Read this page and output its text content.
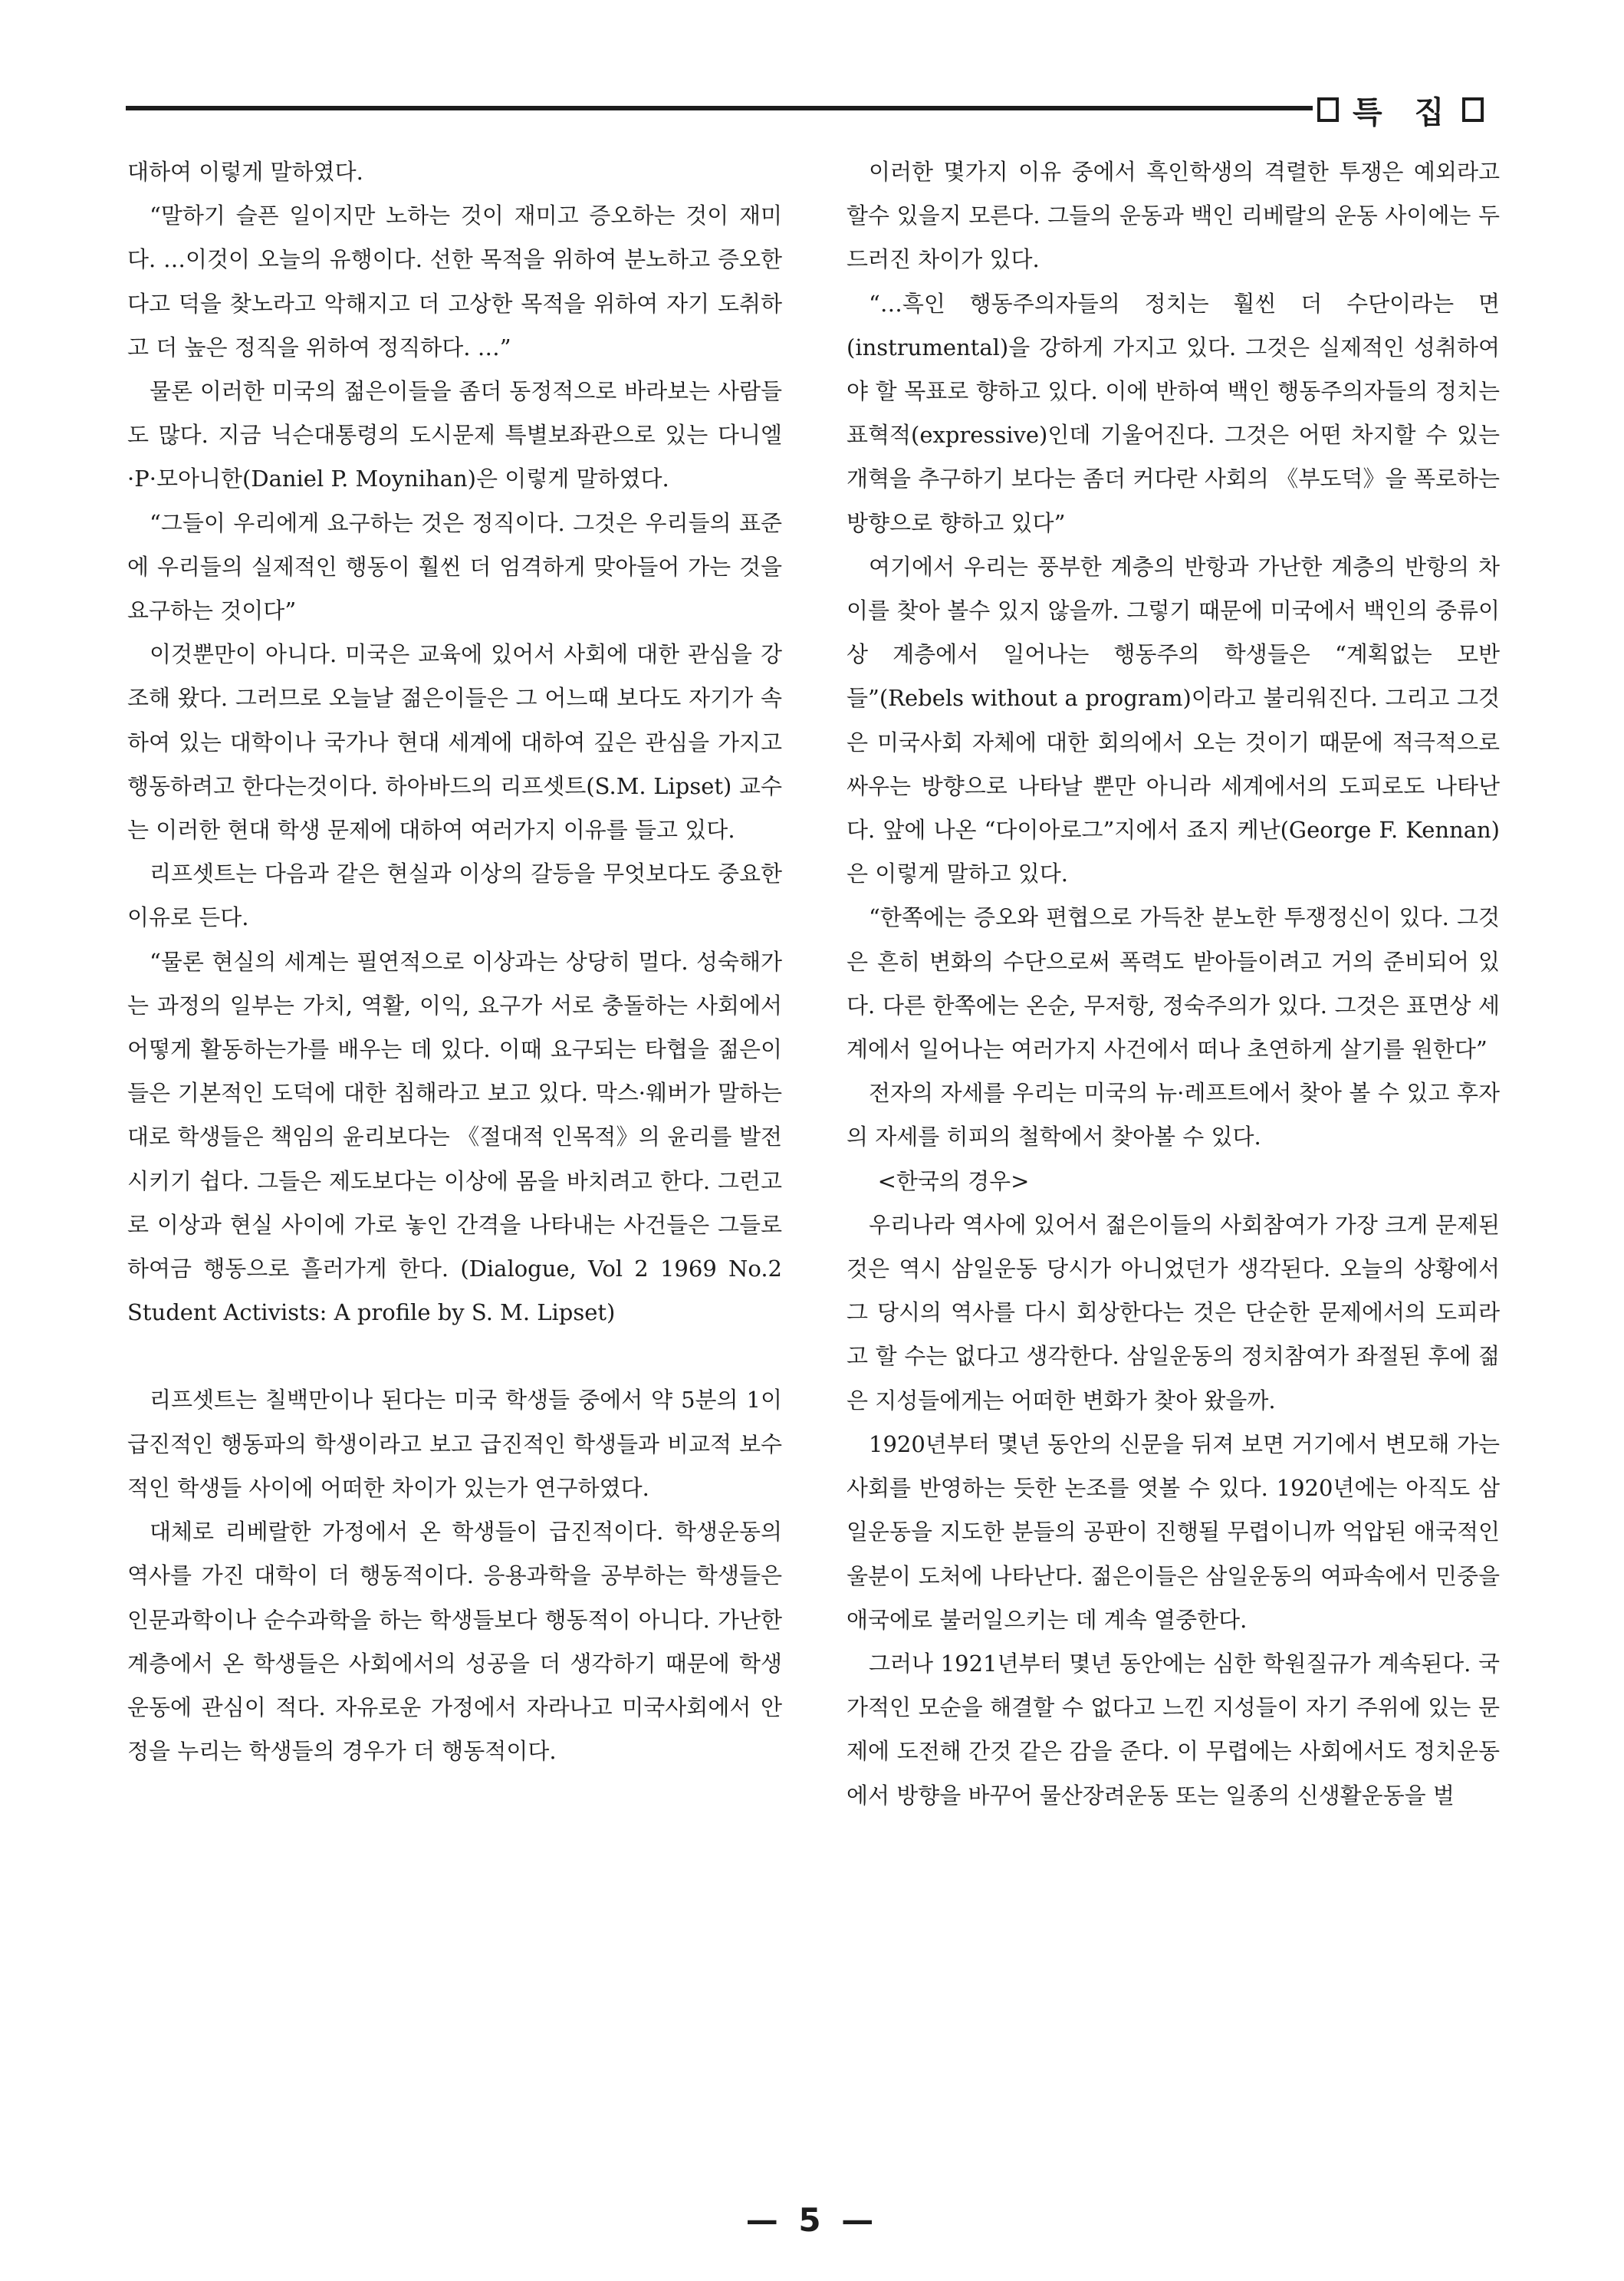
특 집

대하여 이렇게 말하였다.

“말하기 슬픈 일이지만 노하는 것이 재미고 증오하는 것이 재미다. …이것이 오늘의 유행이다. 선한 목적을 위하여 분노하고 증오한다고 덕을 찾노라고 악해지고 더 고상한 목적을 위하여 자기 도취하고 더 높은 정직을 위하여 정직하다. …”

물론 이러한 미국의 젊은이들을 좀더 동정적으로 바라보는 사람들도 많다. 지금 닉슨대통령의 도시문제 특별보좌관으로 있는 다니엘·P·모아니한(Daniel P. Moynihan)은 이렇게 말하였다.

“그들이 우리에게 요구하는 것은 정직이다. 그것은 우리들의 표준에 우리들의 실제적인 행동이 훨씬 더 엄격하게 맞아들어 가는 것을 요구하는 것이다”

이것뿐만이 아니다. 미국은 교육에 있어서 사회에 대한 관심을 강조해 왔다. 그러므로 오늘날 젊은이들은 그 어느때 보다도 자기가 속하여 있는 대학이나 국가나 현대 세계에 대하여 깊은 관심을 가지고 행동하려고 한다는것이다. 하아바드의 리프셋트(S.M. Lipset) 교수는 이러한 현대 학생 문제에 대하여 여러가지 이유를 들고 있다.

리프셋트는 다음과 같은 현실과 이상의 갈등을 무엇보다도 중요한 이유로 든다.

“물론 현실의 세계는 필연적으로 이상과는 상당히 멀다. 성숙해가는 과정의 일부는 가치, 역활, 이익, 요구가 서로 충돌하는 사회에서 어떻게 활동하는가를 배우는 데 있다. 이때 요구되는 타협을 젊은이들은 기본적인 도덕에 대한 침해라고 보고 있다. 막스·웨버가 말하는 대로 학생들은 책임의 윤리보다는 《절대적 인목적》의 윤리를 발전시키기 쉽다. 그들은 제도보다는 이상에 몸을 바치려고 한다. 그런고로 이상과 현실 사이에 가로 놓인 간격을 나타내는 사건들은 그들로 하여금 행동으로 흘러가게 한다. (Dialogue, Vol 2 1969 No.2 Student Activists: A profile by S. M. Lipset)

리프셋트는 칠백만이나 된다는 미국 학생들 중에서 약 5분의 1이 급진적인 행동파의 학생이라고 보고 급진적인 학생들과 비교적 보수적인 학생들 사이에 어떠한 차이가 있는가 연구하였다.

대체로 리베랄한 가정에서 온 학생들이 급진적이다. 학생운동의 역사를 가진 대학이 더 행동적이다. 응용과학을 공부하는 학생들은 인문과학이나 순수과학을 하는 학생들보다 행동적이 아니다. 가난한 계층에서 온 학생들은 사회에서의 성공을 더 생각하기 때문에 학생운동에 관심이 적다. 자유로운 가정에서 자라나고 미국사회에서 안정을 누리는 학생들의 경우가 더 행동적이다.

이러한 몇가지 이유 중에서 흑인학생의 격렬한 투쟁은 예외라고 할수 있을지 모른다. 그들의 운동과 백인 리베랄의 운동 사이에는 두드러진 차이가 있다.

“…흑인 행동주의자들의 정치는 훨씬 더 수단이라는 면(instrumental)을 강하게 가지고 있다. 그것은 실제적인 성취하여야 할 목표로 향하고 있다. 이에 반하여 백인 행동주의자들의 정치는 표혁적(expressive)인데 기울어진다. 그것은 어떤 차지할 수 있는 개혁을 추구하기 보다는 좀더 커다란 사회의 《부도덕》을 폭로하는 방향으로 향하고 있다”

여기에서 우리는 풍부한 계층의 반항과 가난한 계층의 반항의 차이를 찾아 볼수 있지 않을까. 그렇기 때문에 미국에서 백인의 중류이상 계층에서 일어나는 행동주의 학생들은 “계획없는 모반들”(Rebels without a program)이라고 불리워진다. 그리고 그것은 미국사회 자체에 대한 회의에서 오는 것이기 때문에 적극적으로 싸우는 방향으로 나타날 뿐만 아니라 세계에서의 도피로도 나타난다. 앞에 나온 “다이아로그”지에서 죠지 케난(George F. Kennan)은 이렇게 말하고 있다.

“한쪽에는 증오와 편협으로 가득찬 분노한 투쟁정신이 있다. 그것은 흔히 변화의 수단으로써 폭력도 받아들이려고 거의 준비되어 있다. 다른 한쪽에는 온순, 무저항, 정숙주의가 있다. 그것은 표면상 세계에서 일어나는 여러가지 사건에서 떠나 초연하게 살기를 원한다”

전자의 자세를 우리는 미국의 뉴·레프트에서 찾아 볼 수 있고 후자의 자세를 히피의 철학에서 찾아볼 수 있다.

<한국의 경우>

우리나라 역사에 있어서 젊은이들의 사회참여가 가장 크게 문제된 것은 역시 삼일운동 당시가 아니었던가 생각된다. 오늘의 상황에서 그 당시의 역사를 다시 회상한다는 것은 단순한 문제에서의 도피라고 할 수는 없다고 생각한다. 삼일운동의 정치참여가 좌절된 후에 젊은 지성들에게는 어떠한 변화가 찾아 왔을까.

1920년부터 몇년 동안의 신문을 뒤져 보면 거기에서 변모해 가는 사회를 반영하는 듯한 논조를 엿볼 수 있다. 1920년에는 아직도 삼일운동을 지도한 분들의 공판이 진행될 무렵이니까 억압된 애국적인 울분이 도처에 나타난다. 젊은이들은 삼일운동의 여파속에서 민중을 애국에로 불러일으키는 데 계속 열중한다.

그러나 1921년부터 몇년 동안에는 심한 학원질규가 계속된다. 국가적인 모순을 해결할 수 없다고 느낀 지성들이 자기 주위에 있는 문제에 도전해 간것 같은 감을 준다. 이 무렵에는 사회에서도 정치운동에서 방향을 바꾸어 물산장려운동 또는 일종의 신생활운동을 벌

— 5 —
